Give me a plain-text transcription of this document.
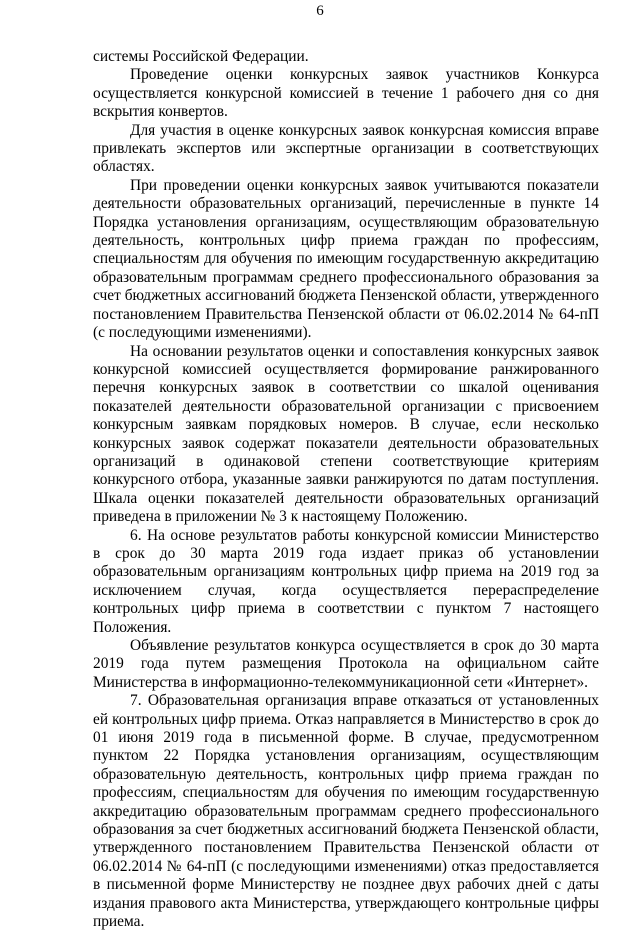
6

системы Российской Федерации.

Проведение оценки конкурсных заявок участников Конкурса осуществляется конкурсной комиссией в течение 1 рабочего дня со дня вскрытия конвертов.

Для участия в оценке конкурсных заявок конкурсная комиссия вправе привлекать экспертов или экспертные организации в соответствующих областях.

При проведении оценки конкурсных заявок учитываются показатели деятельности образовательных организаций, перечисленные в пункте 14 Порядка установления организациям, осуществляющим образовательную деятельность, контрольных цифр приема граждан по профессиям, специальностям для обучения по имеющим государственную аккредитацию образовательным программам среднего профессионального образования за счет бюджетных ассигнований бюджета Пензенской области, утвержденного постановлением Правительства Пензенской области от 06.02.2014 № 64-пП (с последующими изменениями).

На основании результатов оценки и сопоставления конкурсных заявок конкурсной комиссией осуществляется формирование ранжированного перечня конкурсных заявок в соответствии со шкалой оценивания показателей деятельности образовательной организации с присвоением конкурсным заявкам порядковых номеров. В случае, если несколько конкурсных заявок содержат показатели деятельности образовательных организаций в одинаковой степени соответствующие критериям конкурсного отбора, указанные заявки ранжируются по датам поступления. Шкала оценки показателей деятельности образовательных организаций приведена в приложении № 3 к настоящему Положению.

6. На основе результатов работы конкурсной комиссии Министерство в срок до 30 марта 2019 года издает приказ об установлении образовательным организациям контрольных цифр приема на 2019 год за исключением случая, когда осуществляется перераспределение контрольных цифр приема в соответствии с пунктом 7 настоящего Положения.

Объявление результатов конкурса осуществляется в срок до 30 марта 2019 года путем размещения Протокола на официальном сайте Министерства в информационно-телекоммуникационной сети «Интернет».

7. Образовательная организация вправе отказаться от установленных ей контрольных цифр приема. Отказ направляется в Министерство в срок до 01 июня 2019 года в письменной форме. В случае, предусмотренном пунктом 22 Порядка установления организациям, осуществляющим образовательную деятельность, контрольных цифр приема граждан по профессиям, специальностям для обучения по имеющим государственную аккредитацию образовательным программам среднего профессионального образования за счет бюджетных ассигнований бюджета Пензенской области, утвержденного постановлением Правительства Пензенской области от 06.02.2014 № 64-пП (с последующими изменениями) отказ предоставляется в письменной форме Министерству не позднее двух рабочих дней с даты издания правового акта Министерства, утверждающего контрольные цифры приема.
